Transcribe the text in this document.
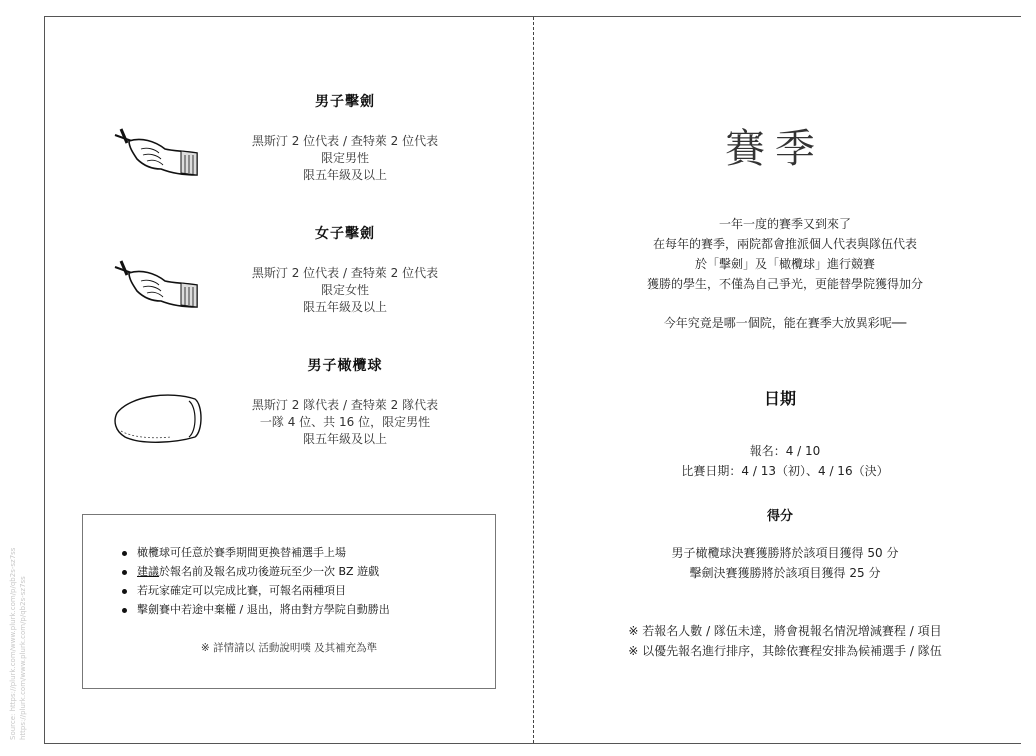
Source: https://plurk.com/www.plurk.com/p/qb2s-sz7ss https://plurk.com/www.plurk.com/p/qb2s-sz7ss
男子擊劍
黑斯汀 2 位代表 / 查特萊 2 位代表
限定男性
限五年級及以上
女子擊劍
黑斯汀 2 位代表 / 查特萊 2 位代表
限定女性
限五年級及以上
男子橄欖球
黑斯汀 2 隊代表 / 查特萊 2 隊代表
一隊 4 位、共 16 位，限定男性
限五年級及以上
橄欖球可任意於賽季期間更換替補選手上場
建議於報名前及報名成功後遊玩至少一次 BZ 遊戲
若玩家確定可以完成比賽，可報名兩種項目
擊劍賽中若途中棄權 / 退出，將由對方學院自動勝出
※ 詳情請以 活動說明噗 及其補充為準
賽季
一年一度的賽季又到來了
在每年的賽季，兩院都會推派個人代表與隊伍代表
於「擊劍」及「橄欖球」進行競賽
獲勝的學生，不僅為自己爭光，更能替學院獲得加分
今年究竟是哪一個院，能在賽季大放異彩呢──
日期
報名：4 / 10
比賽日期：4 / 13（初）、4 / 16（決）
得分
男子橄欖球決賽獲勝將於該項目獲得 50 分
擊劍決賽獲勝將於該項目獲得 25 分
※ 若報名人數 / 隊伍未達，將會視報名情況增減賽程 / 項目
※ 以優先報名進行排序，其餘依賽程安排為候補選手 / 隊伍
